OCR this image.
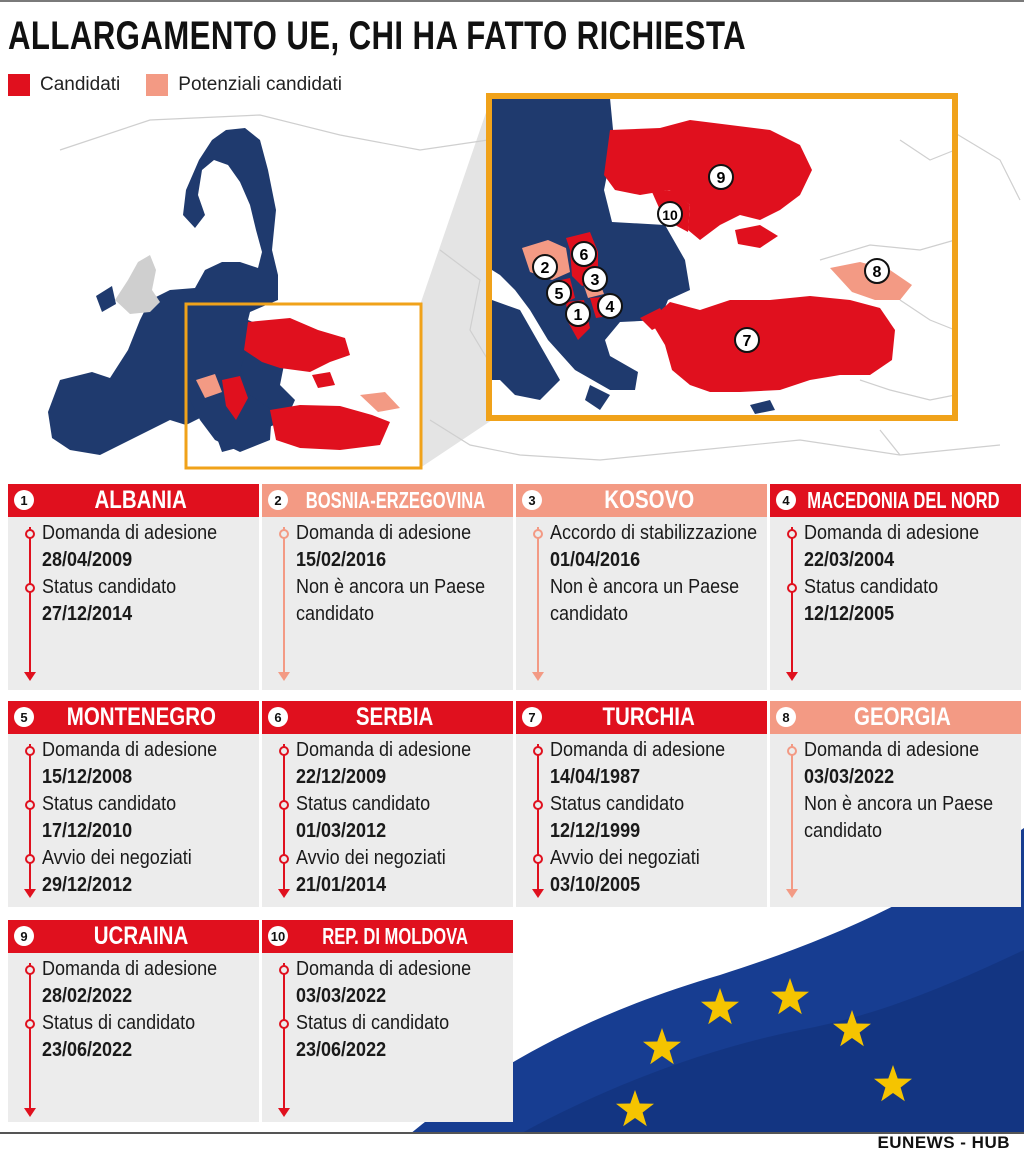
ALLARGAMENTO UE, CHI HA FATTO RICHIESTA
Candidati	Potenziali candidati
9
10
6
2
3
5
4
1
7
8
1	ALBANIA
Domanda di adesione
28/04/2009
Status candidato
27/12/2014
2	BOSNIA-ERZEGOVINA
Domanda di adesione
15/02/2016
Non è ancora un Paese
candidato
3	KOSOVO
Accordo di stabilizzazione
01/04/2016
Non è ancora un Paese
candidato
4 MACEDONIA DEL NORD
Domanda di adesione
22/03/2004
Status candidato
12/12/2005
5	MONTENEGRO
Domanda di adesione
15/12/2008
Status candidato
17/12/2010
Avvio dei negoziati
29/12/2012
6	SERBIA
Domanda di adesione
22/12/2009
Status candidato
01/03/2012
Avvio dei negoziati
21/01/2014
7	TURCHIA
Domanda di adesione
14/04/1987
Status candidato
12/12/1999
Avvio dei negoziati
03/10/2005
8	GEORGIA
Domanda di adesione
03/03/2022
Non è ancora un Paese
candidato
9	UCRAINA
Domanda di adesione
28/02/2022
Status di candidato
23/06/2022
10	REP. DI MOLDOVA
Domanda di adesione
03/03/2022
Status di candidato
23/06/2022
EUNEWS - HUB
